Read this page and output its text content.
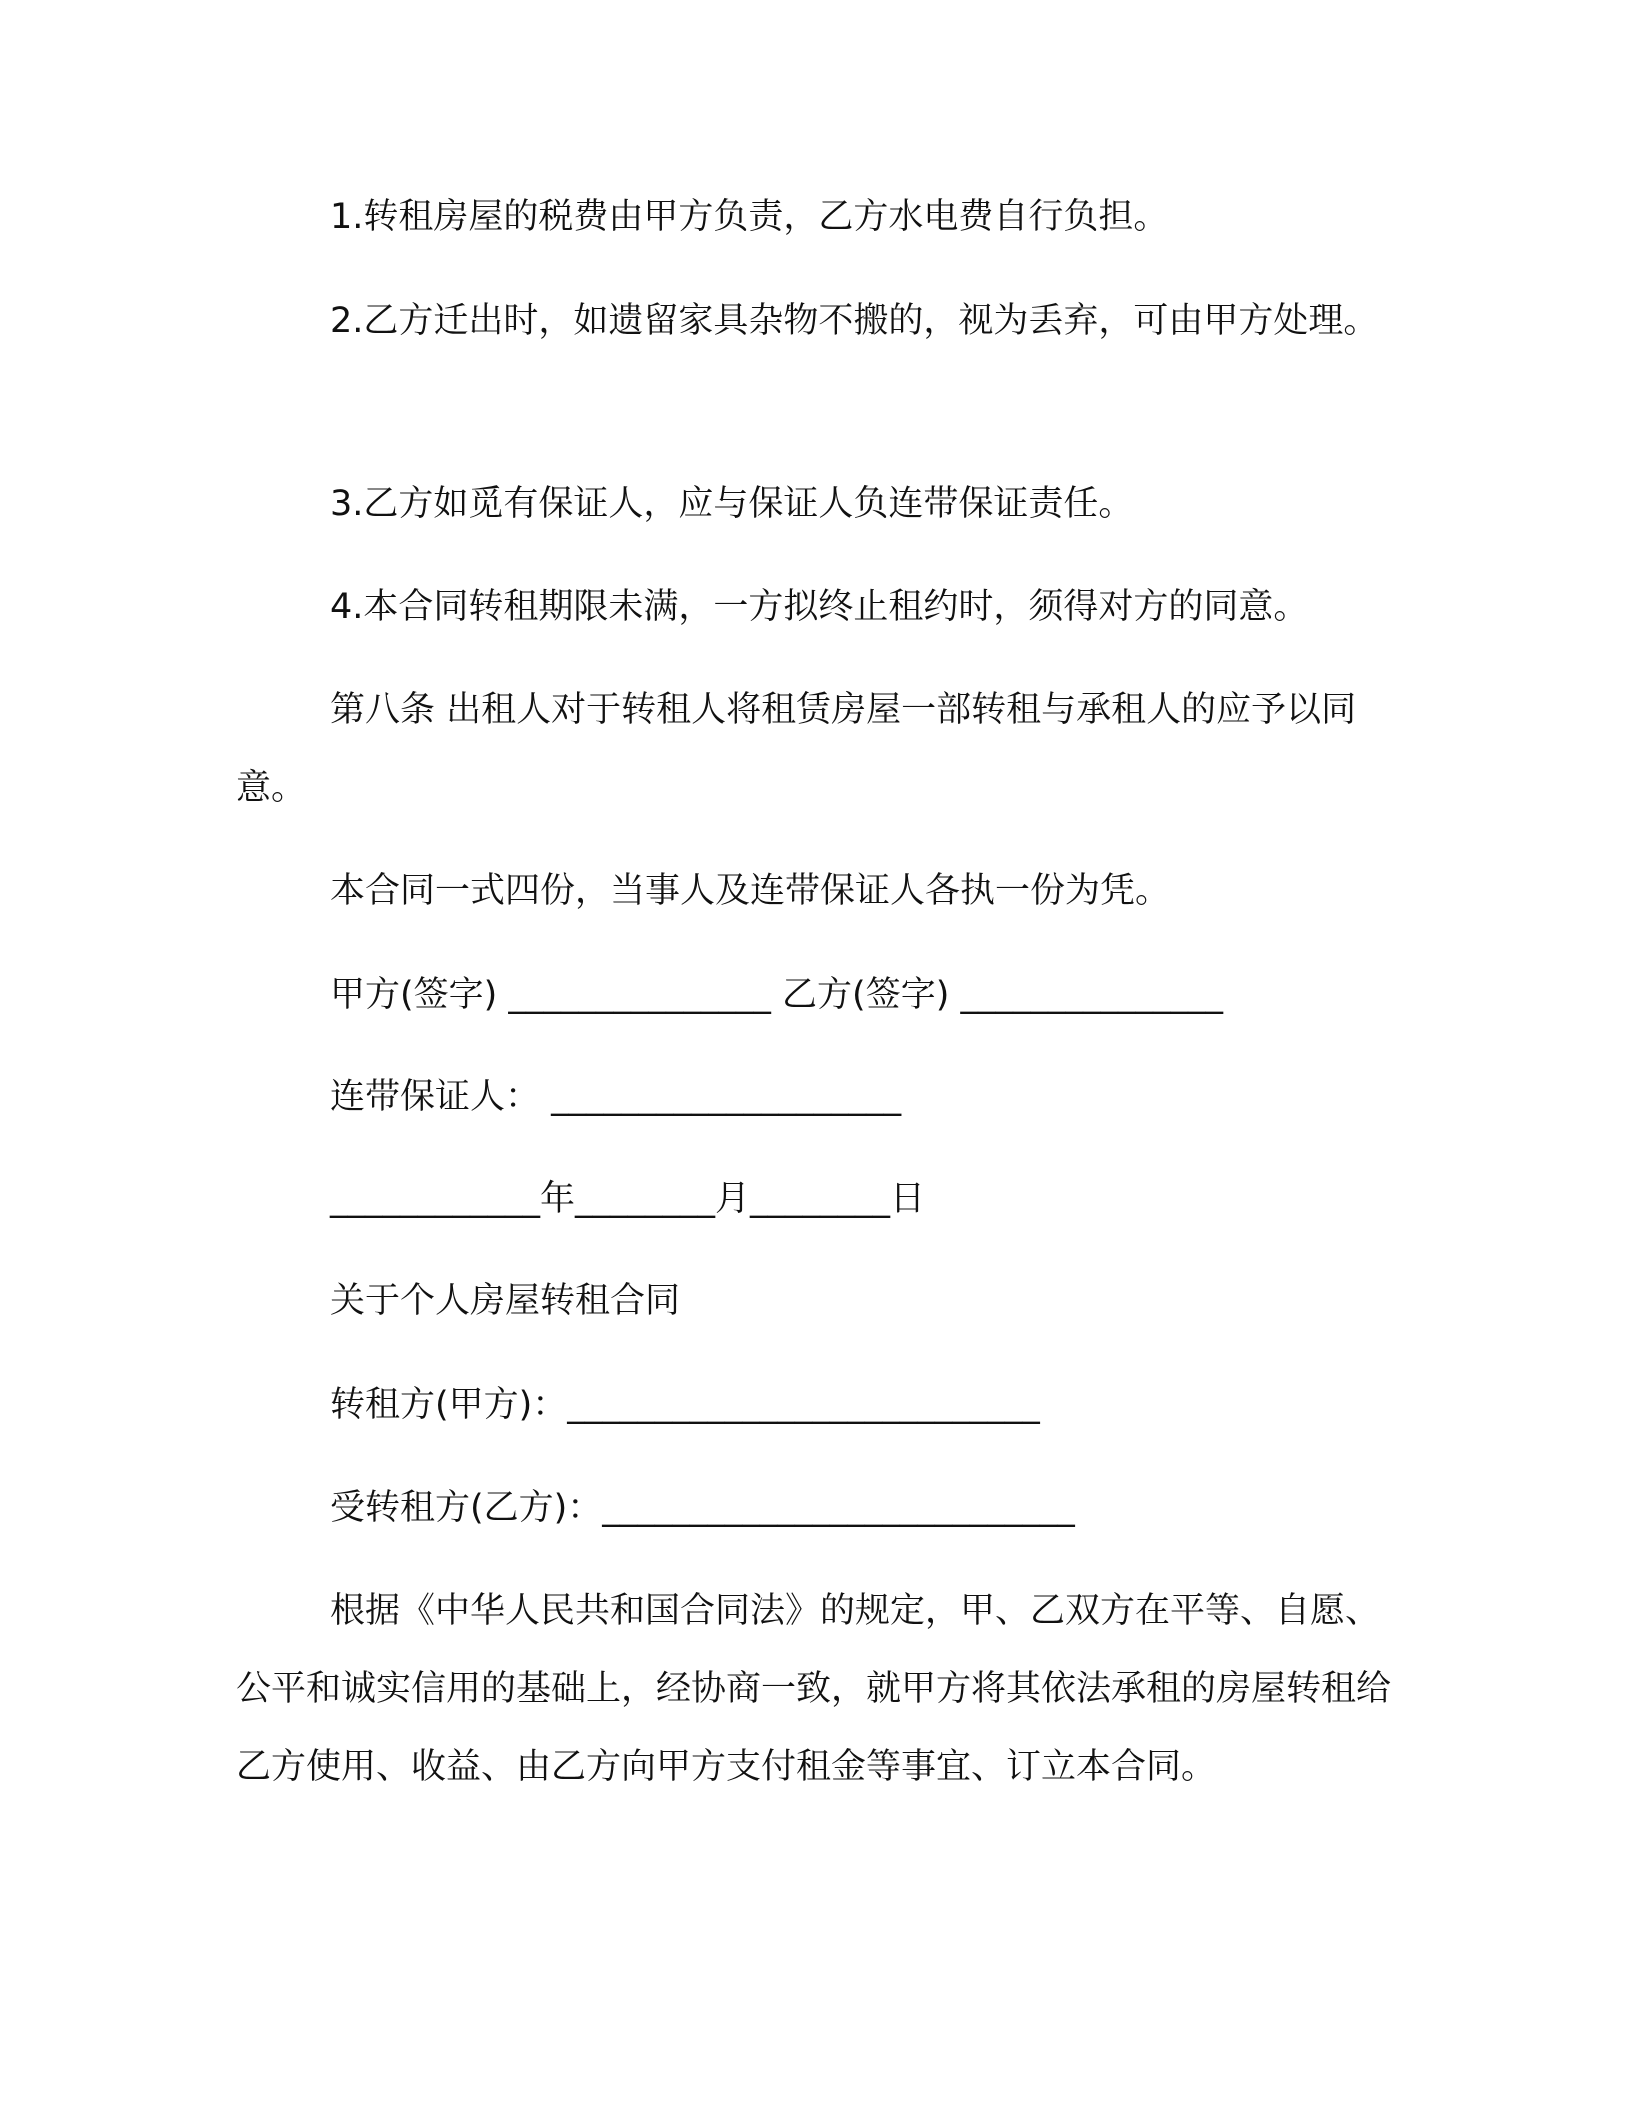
1.转租房屋的税费由甲方负责，乙方水电费自行负担。

2.乙方迁出时，如遗留家具杂物不搬的，视为丢弃，可由甲方处理。

3.乙方如觅有保证人，应与保证人负连带保证责任。

4.本合同转租期限未满，一方拟终止租约时，须得对方的同意。

第八条 出租人对于转租人将租赁房屋一部转租与承租人的应予以同意。

本合同一式四份，当事人及连带保证人各执一份为凭。

甲方(签字) _______________ 乙方(签字) _______________

连带保证人： ____________________

____________年________月________日

关于个人房屋转租合同

转租方(甲方)：___________________________

受转租方(乙方)：___________________________

根据《中华人民共和国合同法》的规定，甲、乙双方在平等、自愿、公平和诚实信用的基础上，经协商一致，就甲方将其依法承租的房屋转租给乙方使用、收益、由乙方向甲方支付租金等事宜、订立本合同。
